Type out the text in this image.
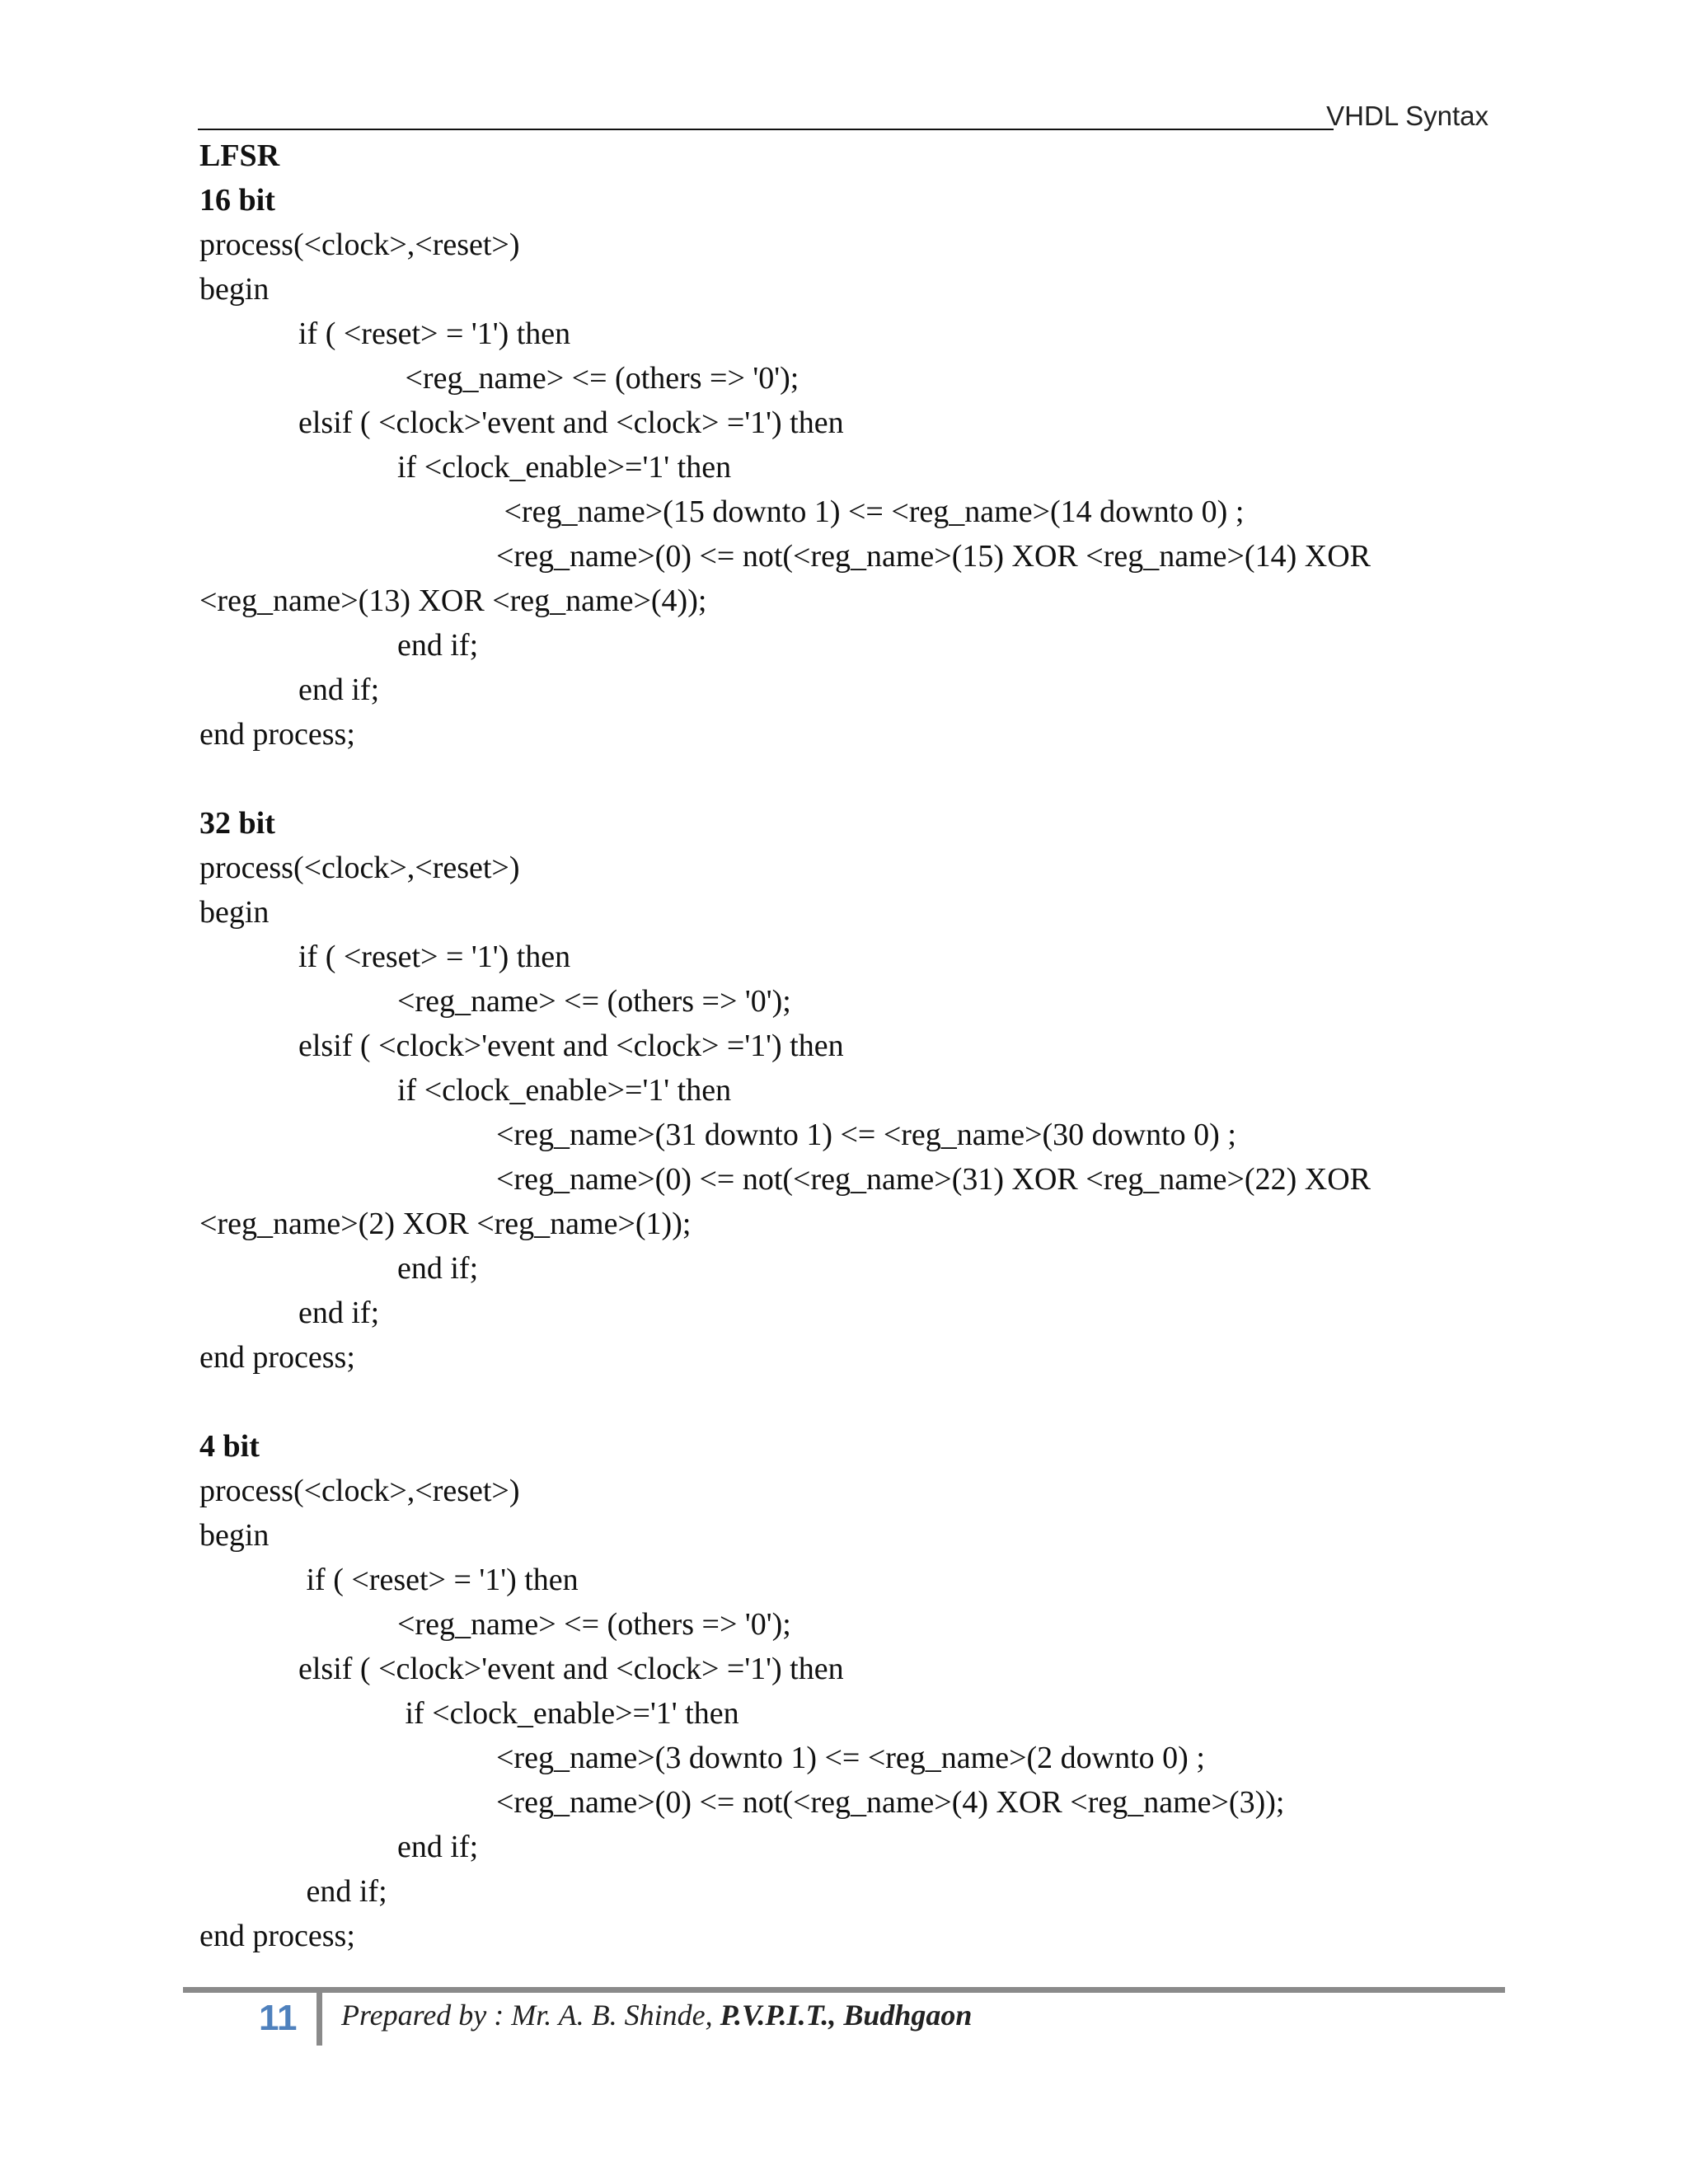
VHDL Syntax
LFSR
16 bit
process(<clock>,<reset>)
begin
if ( <reset> = '1') then
<reg_name> <= (others => '0');
elsif ( <clock>'event and <clock> ='1') then
if <clock_enable>='1' then
<reg_name>(15 downto 1) <= <reg_name>(14 downto 0) ;
<reg_name>(0) <= not(<reg_name>(15) XOR <reg_name>(14) XOR
<reg_name>(13) XOR <reg_name>(4));
end if;
end if;
end process;
32 bit
process(<clock>,<reset>)
begin
if ( <reset> = '1') then
<reg_name> <= (others => '0');
elsif ( <clock>'event and <clock> ='1') then
if <clock_enable>='1' then
<reg_name>(31 downto 1) <= <reg_name>(30 downto 0) ;
<reg_name>(0) <= not(<reg_name>(31) XOR <reg_name>(22) XOR
<reg_name>(2) XOR <reg_name>(1));
end if;
end if;
end process;
4 bit
process(<clock>,<reset>)
begin
if ( <reset> = '1') then
<reg_name> <= (others => '0');
elsif ( <clock>'event and <clock> ='1') then
if <clock_enable>='1' then
<reg_name>(3 downto 1) <= <reg_name>(2 downto 0) ;
<reg_name>(0) <= not(<reg_name>(4) XOR <reg_name>(3));
end if;
end if;
end process;
11 Prepared by : Mr. A. B. Shinde, P.V.P.I.T., Budhgaon
